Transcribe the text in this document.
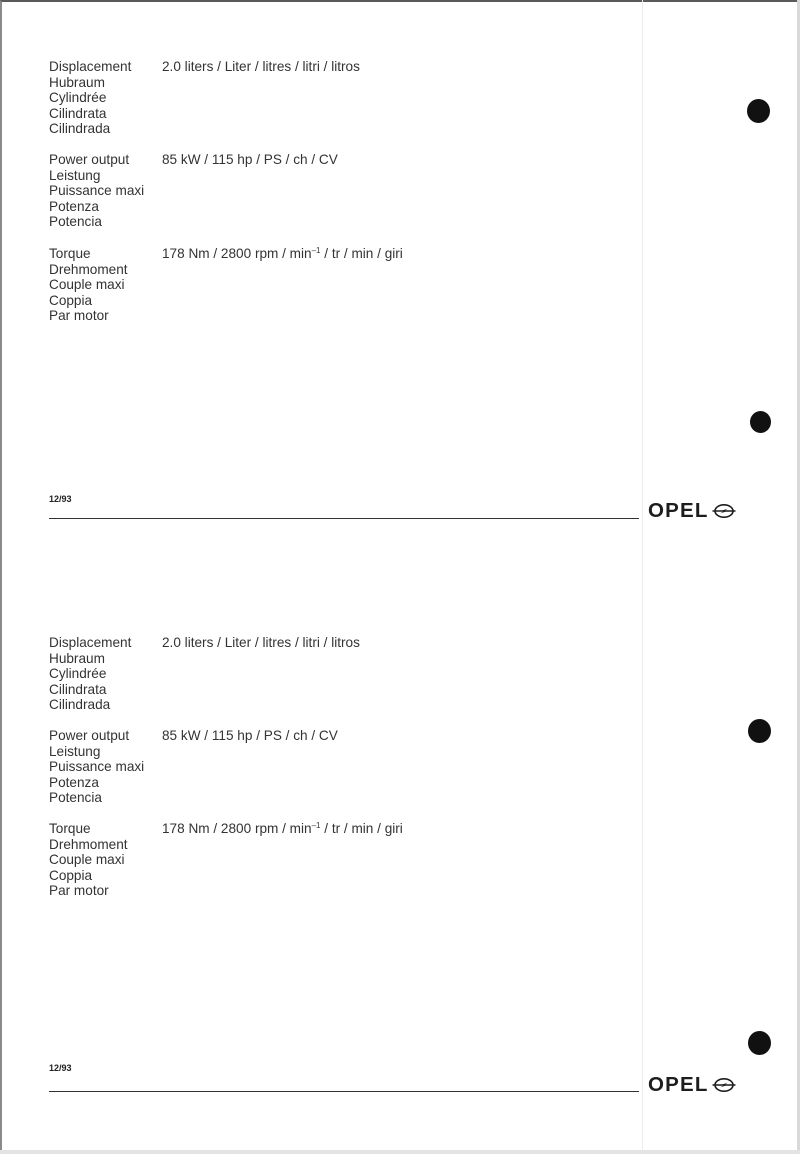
Displacement
Hubraum
Cylindrée
Cilindrata
Cilindrada
2.0 liters / Liter / litres / litri / litros
Power output
Leistung
Puissance maxi
Potenza
Potencia
85 kW / 115 hp / PS / ch / CV
Torque
Drehmoment
Couple maxi
Coppia
Par motor
178 Nm / 2800 rpm / $\min^{-1}$ / tr / min / giri
12/93	OPEL
Displacement
Hubraum
Cylindrée
Cilindrata
Cilindrada
2.0 liters / Liter / litres / litri / litros
Power output
Leistung
Puissance maxi
Potenza
Potencia
85 kW / 115 hp / PS / ch / CV
Torque
Drehmoment
Couple maxi
Coppia
Par motor
178 Nm / 2800 rpm / $\min^{-1}$ / tr / min / giri
12/93
OPEL
